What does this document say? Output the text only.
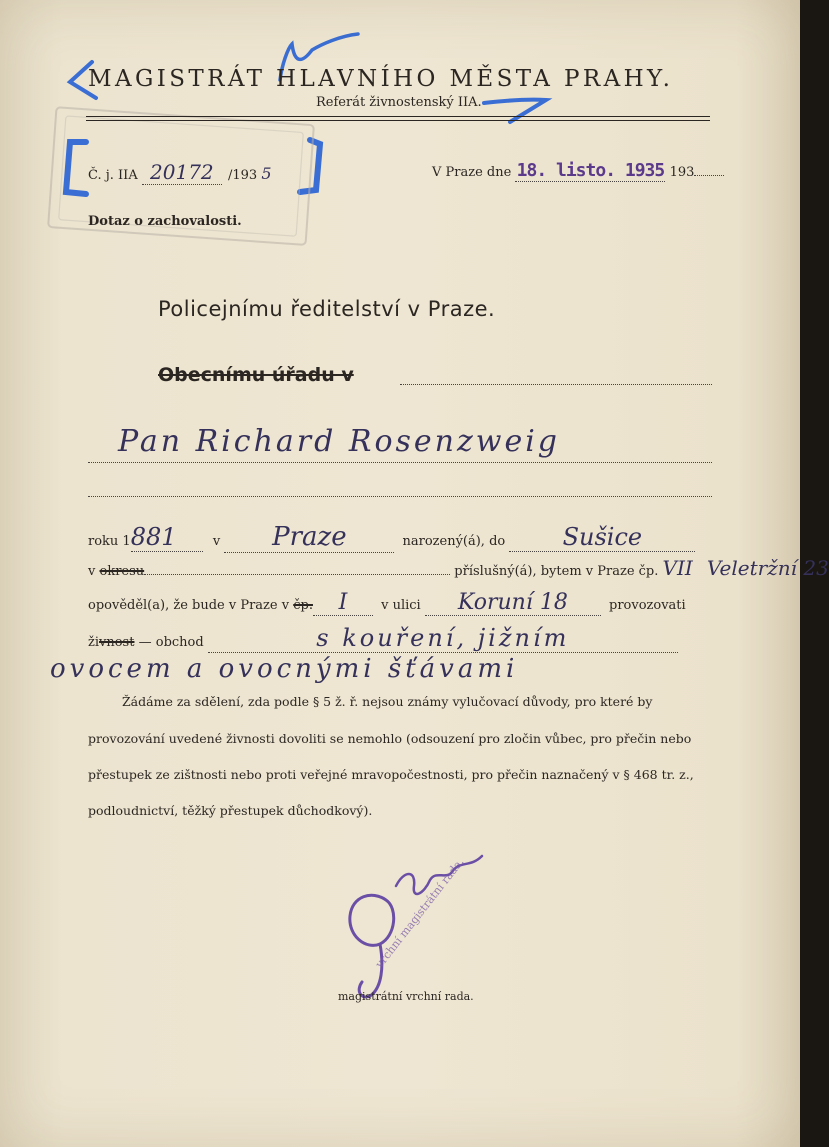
MAGISTRÁT HLAVNÍHO MĚSTA PRAHY.
Referát živnostenský IIA.
Č. j. IIA 20172 /193 5
Dotaz o zachovalosti.
V Praze dne 18. listo. 1935 193
Policejnímu ředitelství v Praze.
Obecnímu úřadu v
Pan Richard Rosenzweig
roku 1881	v Praze	narozený(á), do Sušice
v okresu	příslušný(á), bytem v Praze čp. VII Veletržní 23
opověděl(a), že bude v Praze v čp. I	v ulici Koruní 18	provozovati
živnost — obchod	s kouření, jižním
ovocem a ovocnými šťávami
Žádáme za sdělení, zda podle § 5 ž. ř. nejsou známy vylučovací důvody, pro které by
provozování uvedené živnosti dovoliti se nemohlo (odsouzení pro zločin vůbec, pro přečin nebo
přestupek ze zištnosti nebo proti veřejné mravopočestnosti, pro přečin naznačený v § 468 tr. z.,
podloudnictví, těžký přestupek důchodkový).
vrchní magistrátní rada.
magistrátní vrchní rada.
